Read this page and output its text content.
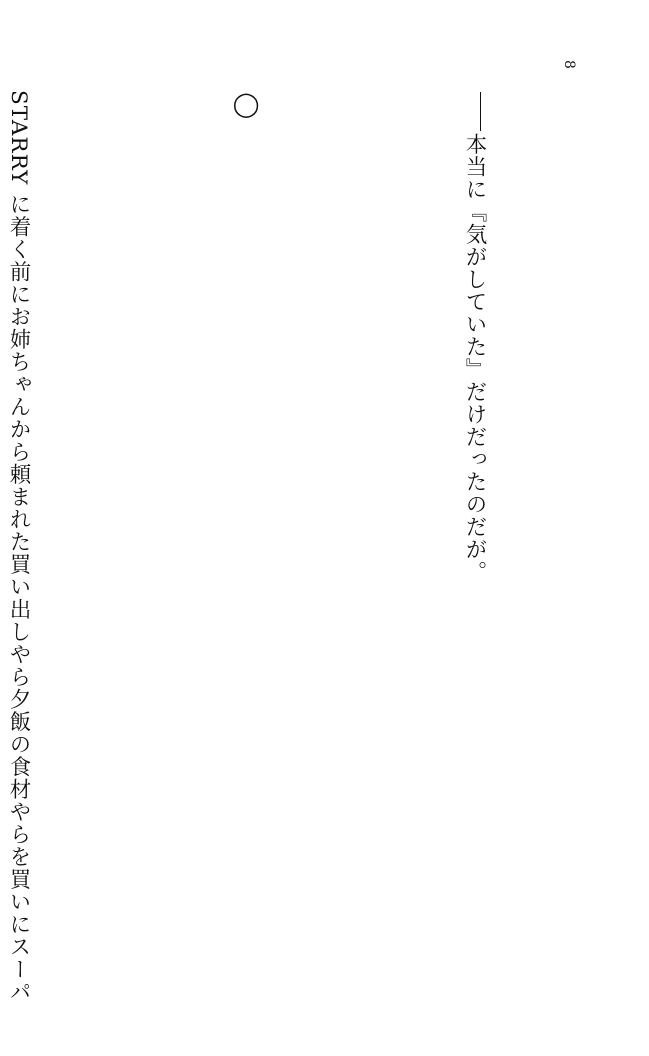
8

本当に『気がしていた』だけだったのだが。

◯

STARRY に着く前にお姉ちゃんから頼まれた買い出しやら夕飯の食材やらを買いにスーパ
